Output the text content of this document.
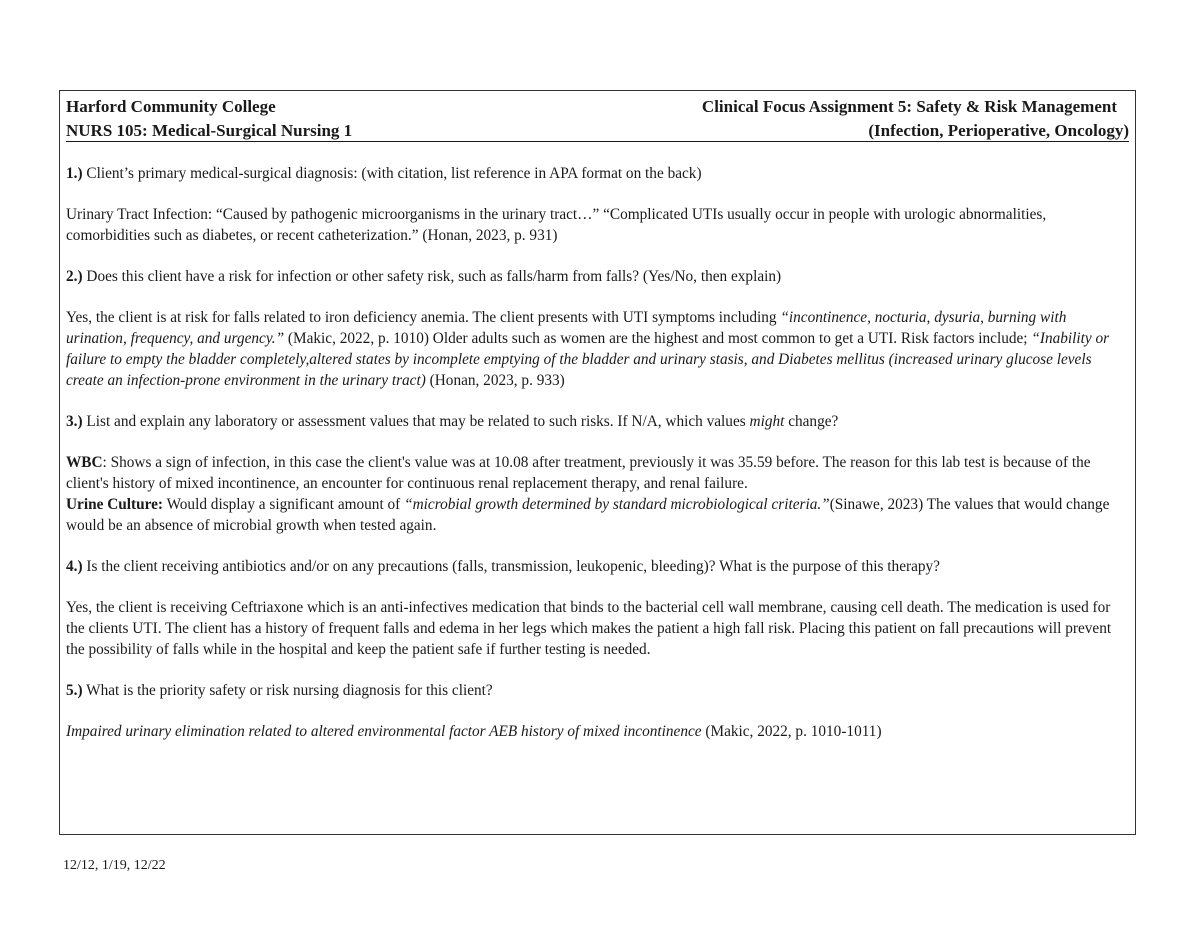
Harford Community College	Clinical Focus Assignment 5: Safety & Risk Management
NURS 105: Medical-Surgical Nursing 1	(Infection, Perioperative, Oncology)

1.) Client’s primary medical-surgical diagnosis: (with citation, list reference in APA format on the back)

Urinary Tract Infection: “Caused by pathogenic microorganisms in the urinary tract…” “Complicated UTIs usually occur in people with urologic abnormalities, comorbidities such as diabetes, or recent catheterization.” (Honan, 2023, p. 931)

2.) Does this client have a risk for infection or other safety risk, such as falls/harm from falls? (Yes/No, then explain)

Yes, the client is at risk for falls related to iron deficiency anemia. The client presents with UTI symptoms including “incontinence, nocturia, dysuria, burning with urination, frequency, and urgency.” (Makic, 2022, p. 1010) Older adults such as women are the highest and most common to get a UTI. Risk factors include; “Inability or failure to empty the bladder completely,altered states by incomplete emptying of the bladder and urinary stasis, and Diabetes mellitus (increased urinary glucose levels create an infection-prone environment in the urinary tract) (Honan, 2023, p. 933)

3.) List and explain any laboratory or assessment values that may be related to such risks. If N/A, which values might change?

WBC: Shows a sign of infection, in this case the client's value was at 10.08 after treatment, previously it was 35.59 before. The reason for this lab test is because of the client's history of mixed incontinence, an encounter for continuous renal replacement therapy, and renal failure.

Urine Culture: Would display a significant amount of “microbial growth determined by standard microbiological criteria.”(Sinawe, 2023) The values that would change would be an absence of microbial growth when tested again.

4.) Is the client receiving antibiotics and/or on any precautions (falls, transmission, leukopenic, bleeding)? What is the purpose of this therapy?

Yes, the client is receiving Ceftriaxone which is an anti-infectives medication that binds to the bacterial cell wall membrane, causing cell death. The medication is used for the clients UTI. The client has a history of frequent falls and edema in her legs which makes the patient a high fall risk. Placing this patient on fall precautions will prevent the possibility of falls while in the hospital and keep the patient safe if further testing is needed.

5.) What is the priority safety or risk nursing diagnosis for this client?

Impaired urinary elimination related to altered environmental factor AEB history of mixed incontinence (Makic, 2022, p. 1010-1011)

12/12, 1/19, 12/22
